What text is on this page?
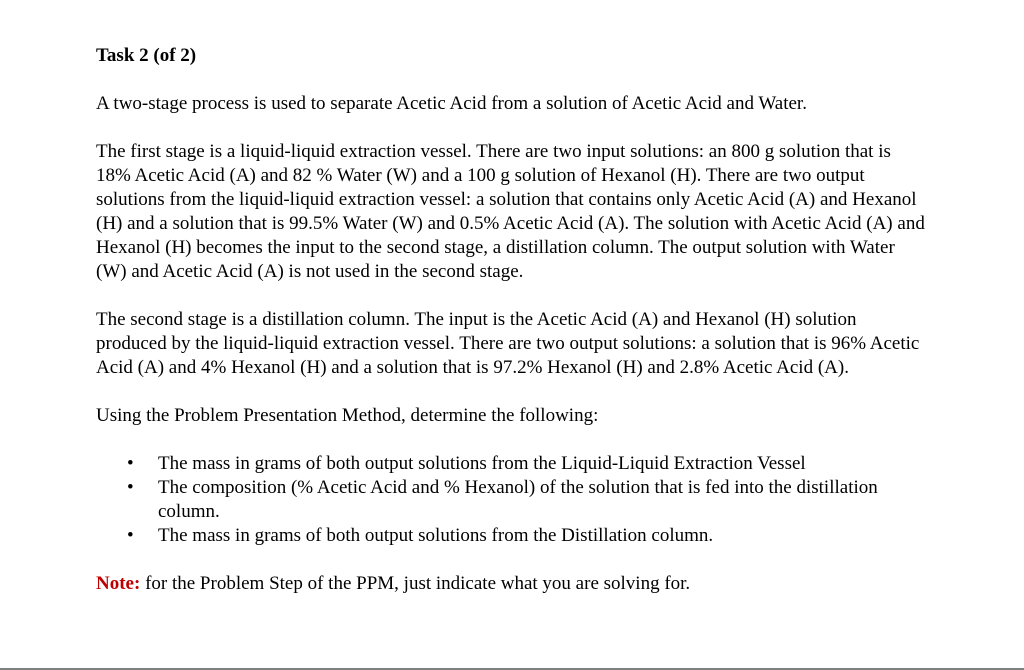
Task 2 (of 2)

A two-stage process is used to separate Acetic Acid from a solution of Acetic Acid and Water.

The first stage is a liquid-liquid extraction vessel. There are two input solutions: an 800 g solution that is 18% Acetic Acid (A) and 82 % Water (W) and a 100 g solution of Hexanol (H). There are two output solutions from the liquid-liquid extraction vessel: a solution that contains only Acetic Acid (A) and Hexanol (H) and a solution that is 99.5% Water (W) and 0.5% Acetic Acid (A). The solution with Acetic Acid (A) and Hexanol (H) becomes the input to the second stage, a distillation column. The output solution with Water (W) and Acetic Acid (A) is not used in the second stage.

The second stage is a distillation column. The input is the Acetic Acid (A) and Hexanol (H) solution produced by the liquid-liquid extraction vessel. There are two output solutions: a solution that is 96% Acetic Acid (A) and 4% Hexanol (H) and a solution that is 97.2% Hexanol (H) and 2.8% Acetic Acid (A).

Using the Problem Presentation Method, determine the following:

• The mass in grams of both output solutions from the Liquid-Liquid Extraction Vessel
• The composition (% Acetic Acid and % Hexanol) of the solution that is fed into the distillation column.
• The mass in grams of both output solutions from the Distillation column.

Note: for the Problem Step of the PPM, just indicate what you are solving for.
